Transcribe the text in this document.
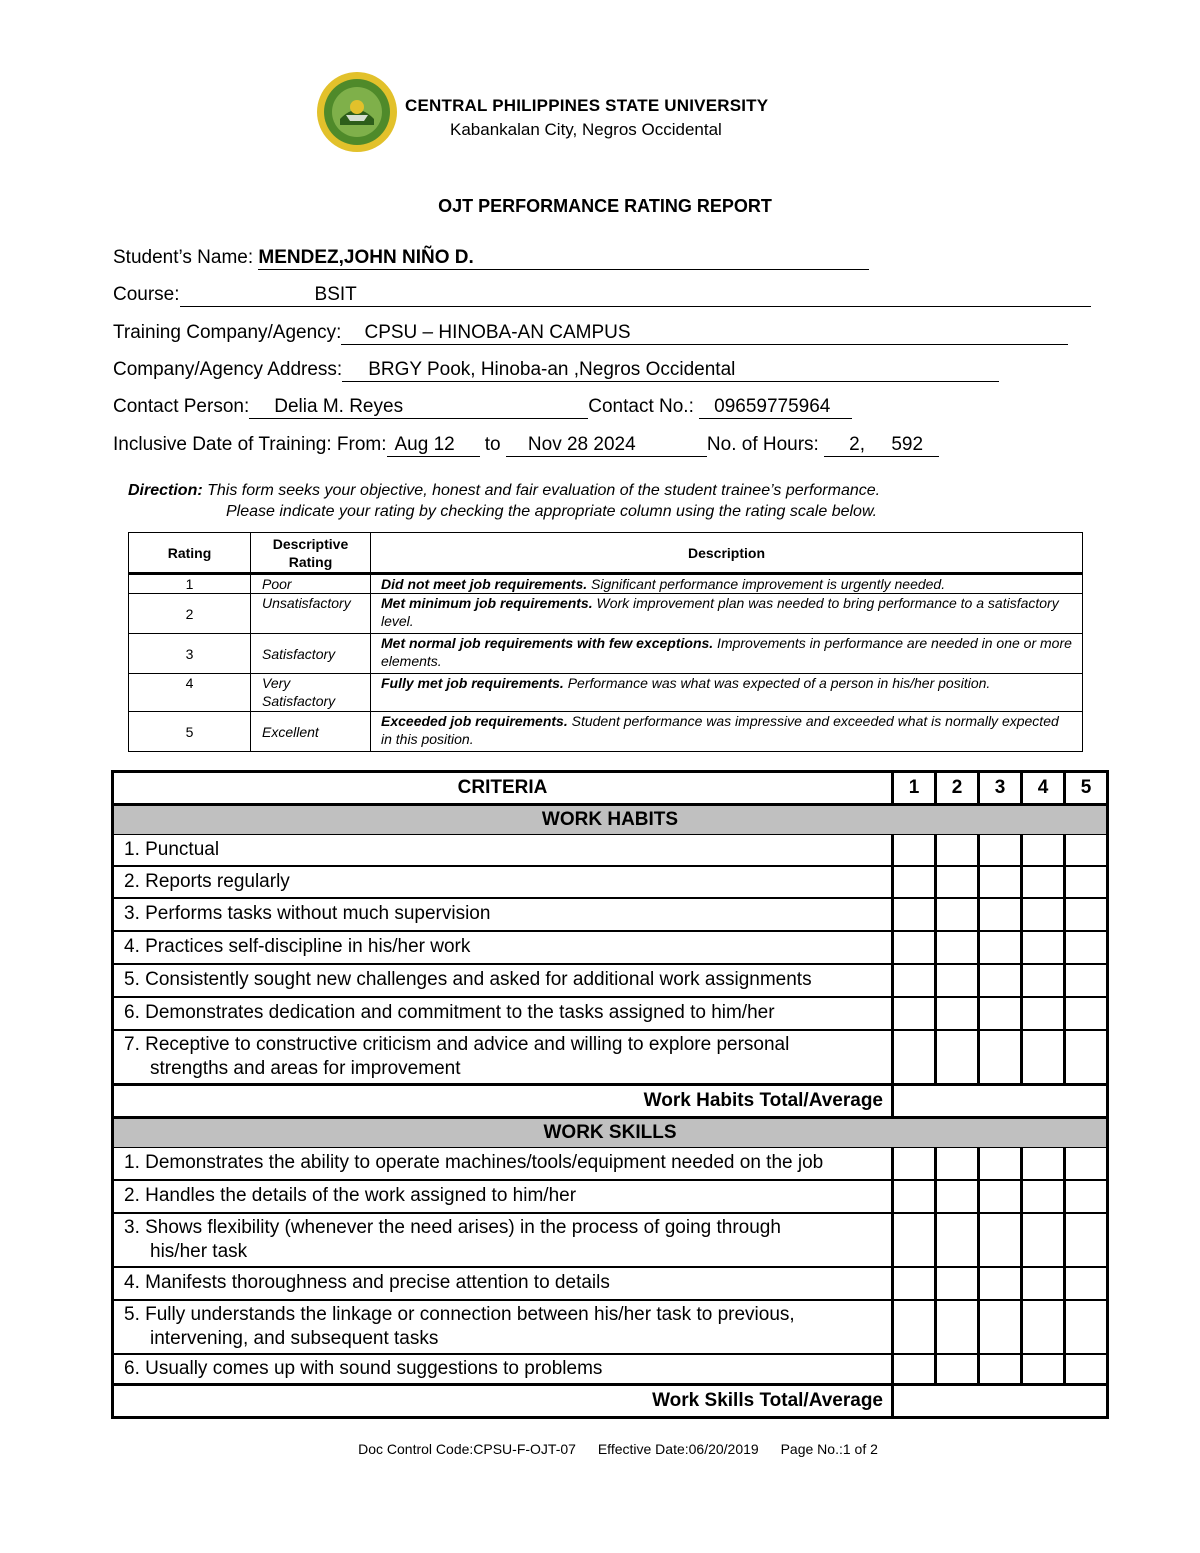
CENTRAL PHILIPPINES STATE UNIVERSITY
Kabankalan City, Negros Occidental
OJT PERFORMANCE RATING REPORT
Student’s Name: MENDEZ,JOHN NIÑO D.
Course:	BSIT
Training Company/Agency: CPSU – HINOBA-AN CAMPUS
Company/Agency Address: BRGY Pook, Hinoba-an ,Negros Occidental
Contact Person: Delia M. Reyes	Contact No.: 09659775964
Inclusive Date of Training: From: Aug 12 to Nov 28 2024	No. of Hours: 2,     592
Direction: This form seeks your objective, honest and fair evaluation of the student trainee’s performance.
Please indicate your rating by checking the appropriate column using the rating scale below.
Rating	Descriptive Rating	Description
1	Poor	Did not meet job requirements. Significant performance improvement is urgently needed.
2	Unsatisfactory	Met minimum job requirements. Work improvement plan was needed to bring performance to a satisfactory level.
3	Satisfactory	Met normal job requirements with few exceptions. Improvements in performance are needed in one or more elements.
4	Very Satisfactory	Fully met job requirements. Performance was what was expected of a person in his/her position.
5	Excellent	Exceeded job requirements. Student performance was impressive and exceeded what is normally expected in this position.
CRITERIA	1	2	3	4	5
WORK HABITS					
1. Punctual					
2. Reports regularly					
3. Performs tasks without much supervision					
4. Practices self-discipline in his/her work					
5. Consistently sought new challenges and asked for additional work assignments					
6. Demonstrates dedication and commitment to the tasks assigned to him/her					
7. Receptive to constructive criticism and advice and willing to explore personal
strengths and areas for improvement					

Work Habits Total/Average					
WORK SKILLS					
1. Demonstrates the ability to operate machines/tools/equipment needed on the job					
2. Handles the details of the work assigned to him/her					
3. Shows flexibility (whenever the need arises) in the process of going through
his/her task					

4. Manifests thoroughness and precise attention to details					
5. Fully understands the linkage or connection between his/her task to previous,
intervening, and subsequent tasks					

6. Usually comes up with sound suggestions to problems					
Work Skills Total/Average					
Doc Control Code:CPSU-F-OJT-07 Effective Date:06/20/2019 Page No.:1 of 2
